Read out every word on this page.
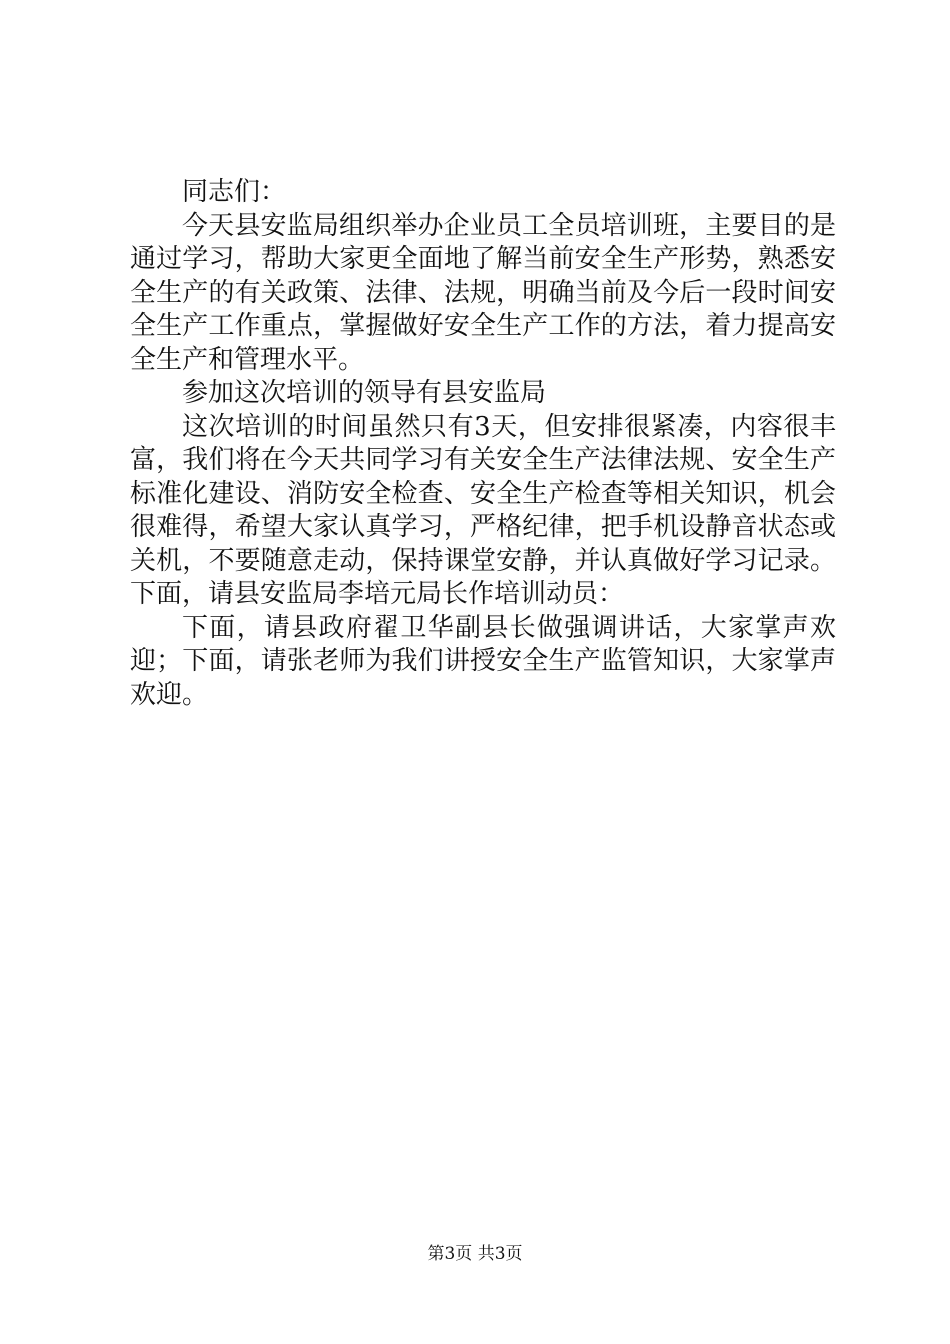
同志们：

今天县安监局组织举办企业员工全员培训班，主要目的是通过学习，帮助大家更全面地了解当前安全生产形势，熟悉安全生产的有关政策、法律、法规，明确当前及今后一段时间安全生产工作重点，掌握做好安全生产工作的方法，着力提高安全生产和管理水平。

参加这次培训的领导有县安监局

这次培训的时间虽然只有3天，但安排很紧凑，内容很丰富，我们将在今天共同学习有关安全生产法律法规、安全生产标准化建设、消防安全检查、安全生产检查等相关知识，机会很难得，希望大家认真学习，严格纪律，把手机设静音状态或关机，不要随意走动，保持课堂安静，并认真做好学习记录。下面，请县安监局李培元局长作培训动员：

下面，请县政府翟卫华副县长做强调讲话，大家掌声欢迎；下面，请张老师为我们讲授安全生产监管知识，大家掌声欢迎。

第3页 共3页
